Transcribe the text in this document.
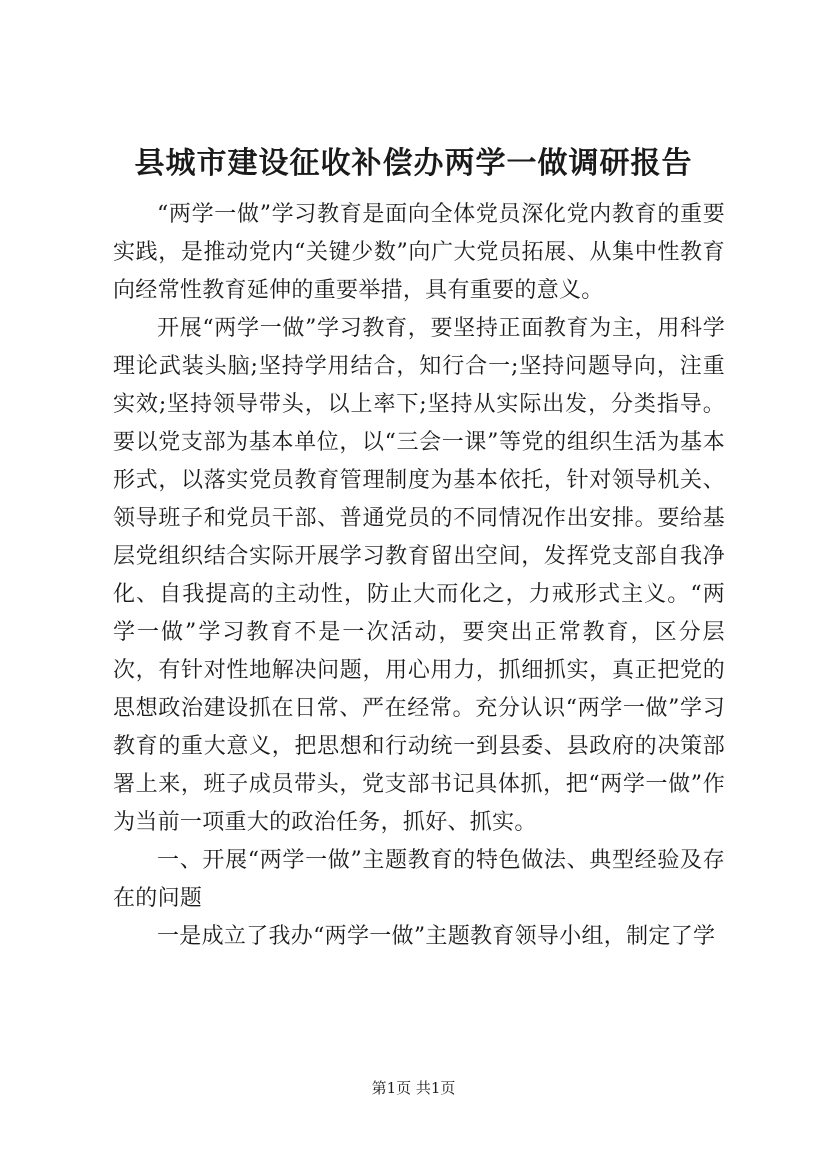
县城市建设征收补偿办两学一做调研报告

“两学一做”学习教育是面向全体党员深化党内教育的重要实践，是推动党内“关键少数”向广大党员拓展、从集中性教育向经常性教育延伸的重要举措，具有重要的意义。

开展“两学一做”学习教育，要坚持正面教育为主，用科学理论武装头脑;坚持学用结合，知行合一;坚持问题导向，注重实效;坚持领导带头，以上率下;坚持从实际出发，分类指导。要以党支部为基本单位，以“三会一课”等党的组织生活为基本形式，以落实党员教育管理制度为基本依托，针对领导机关、领导班子和党员干部、普通党员的不同情况作出安排。要给基层党组织结合实际开展学习教育留出空间，发挥党支部自我净化、自我提高的主动性，防止大而化之，力戒形式主义。“两学一做”学习教育不是一次活动，要突出正常教育，区分层次，有针对性地解决问题，用心用力，抓细抓实，真正把党的思想政治建设抓在日常、严在经常。充分认识“两学一做”学习教育的重大意义，把思想和行动统一到县委、县政府的决策部署上来，班子成员带头，党支部书记具体抓，把“两学一做”作为当前一项重大的政治任务，抓好、抓实。

一、开展“两学一做”主题教育的特色做法、典型经验及存在的问题

一是成立了我办“两学一做”主题教育领导小组，制定了学

第1页 共1页
